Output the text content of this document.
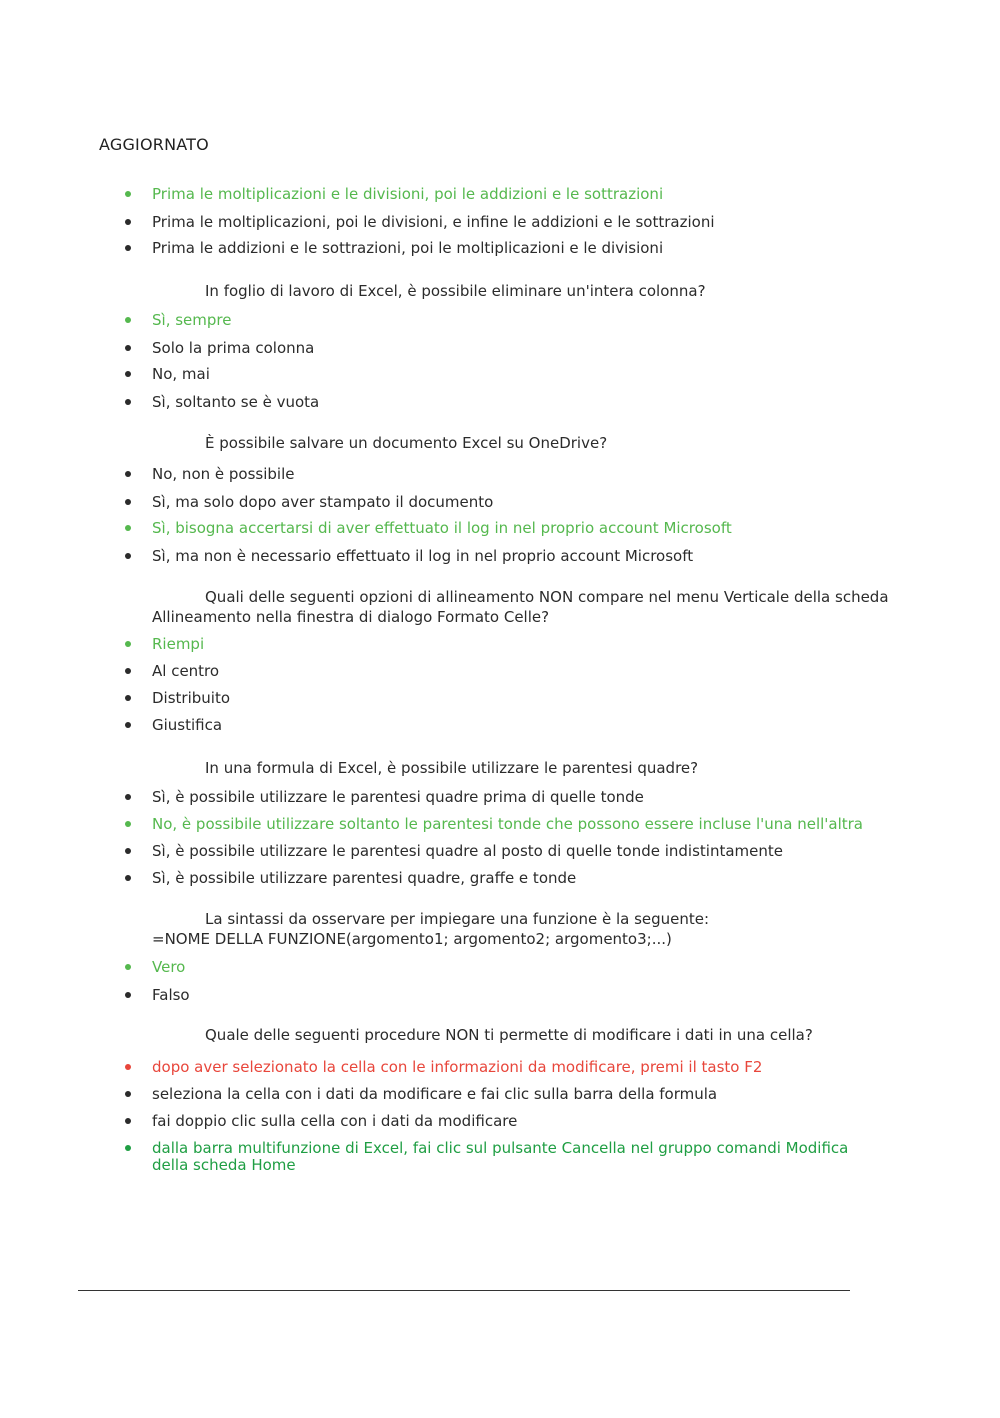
AGGIORNATO
Prima le moltiplicazioni e le divisioni, poi le addizioni e le sottrazioni
Prima le moltiplicazioni, poi le divisioni, e infine le addizioni e le sottrazioni
Prima le addizioni e le sottrazioni, poi le moltiplicazioni e le divisioni
In foglio di lavoro di Excel, è possibile eliminare un'intera colonna?
Sì, sempre
Solo la prima colonna
No, mai
Sì, soltanto se è vuota
È possibile salvare un documento Excel su OneDrive?
No, non è possibile
Sì, ma solo dopo aver stampato il documento
Sì, bisogna accertarsi di aver effettuato il log in nel proprio account Microsoft
Sì, ma non è necessario effettuato il log in nel proprio account Microsoft
Quali delle seguenti opzioni di allineamento NON compare nel menu Verticale della scheda
Allineamento nella finestra di dialogo Formato Celle?
Riempi
Al centro
Distribuito
Giustifica
In una formula di Excel, è possibile utilizzare le parentesi quadre?
Sì, è possibile utilizzare le parentesi quadre prima di quelle tonde
No, è possibile utilizzare soltanto le parentesi tonde che possono essere incluse l'una nell'altra
Sì, è possibile utilizzare le parentesi quadre al posto di quelle tonde indistintamente
Sì, è possibile utilizzare parentesi quadre, graffe e tonde
La sintassi da osservare per impiegare una funzione è la seguente:
=NOME DELLA FUNZIONE(argomento1; argomento2; argomento3;...)
Vero
Falso
Quale delle seguenti procedure NON ti permette di modificare i dati in una cella?
dopo aver selezionato la cella con le informazioni da modificare, premi il tasto F2
seleziona la cella con i dati da modificare e fai clic sulla barra della formula
fai doppio clic sulla cella con i dati da modificare
dalla barra multifunzione di Excel, fai clic sul pulsante Cancella nel gruppo comandi Modifica
della scheda Home
